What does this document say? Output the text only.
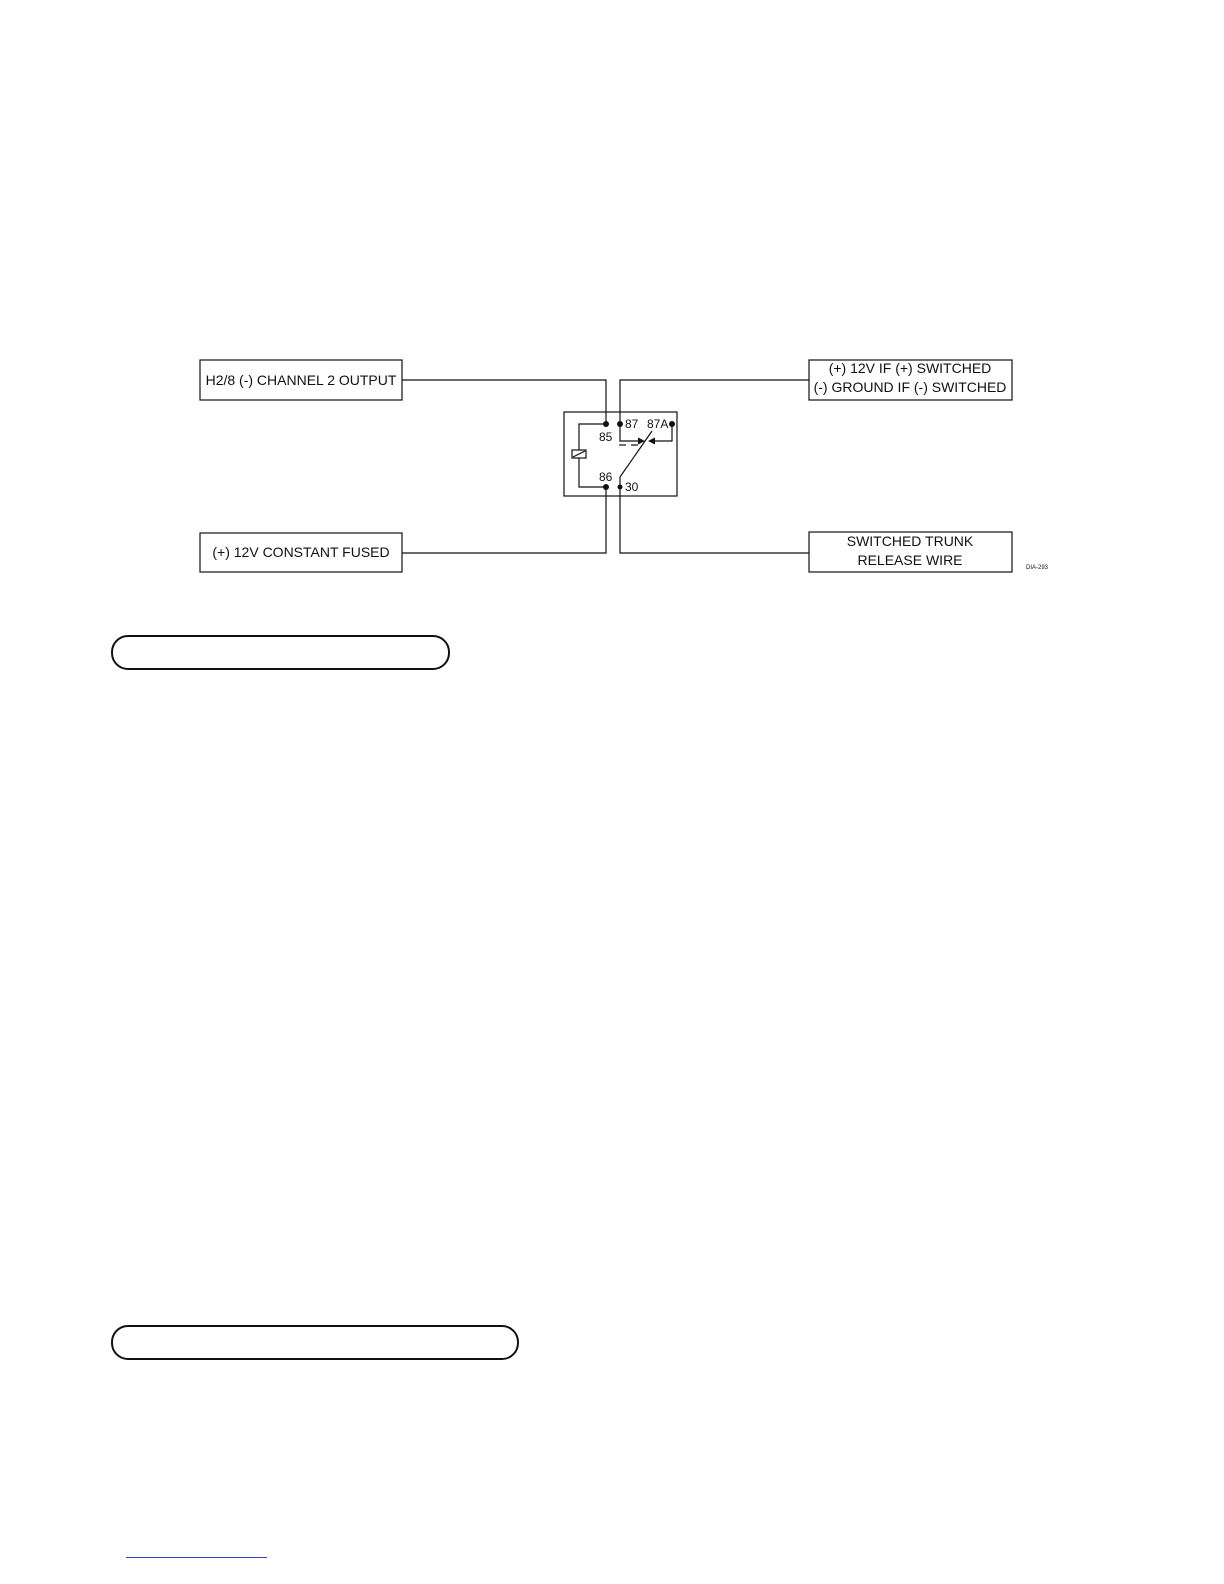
H2/8 (-) CHANNEL 2 OUTPUT
(+) 12V CONSTANT FUSED
(+) 12V IF (+) SWITCHED
(-) GROUND IF (-) SWITCHED
SWITCHED TRUNK
RELEASE WIRE
85
87 87A
86
30
DIA-293
